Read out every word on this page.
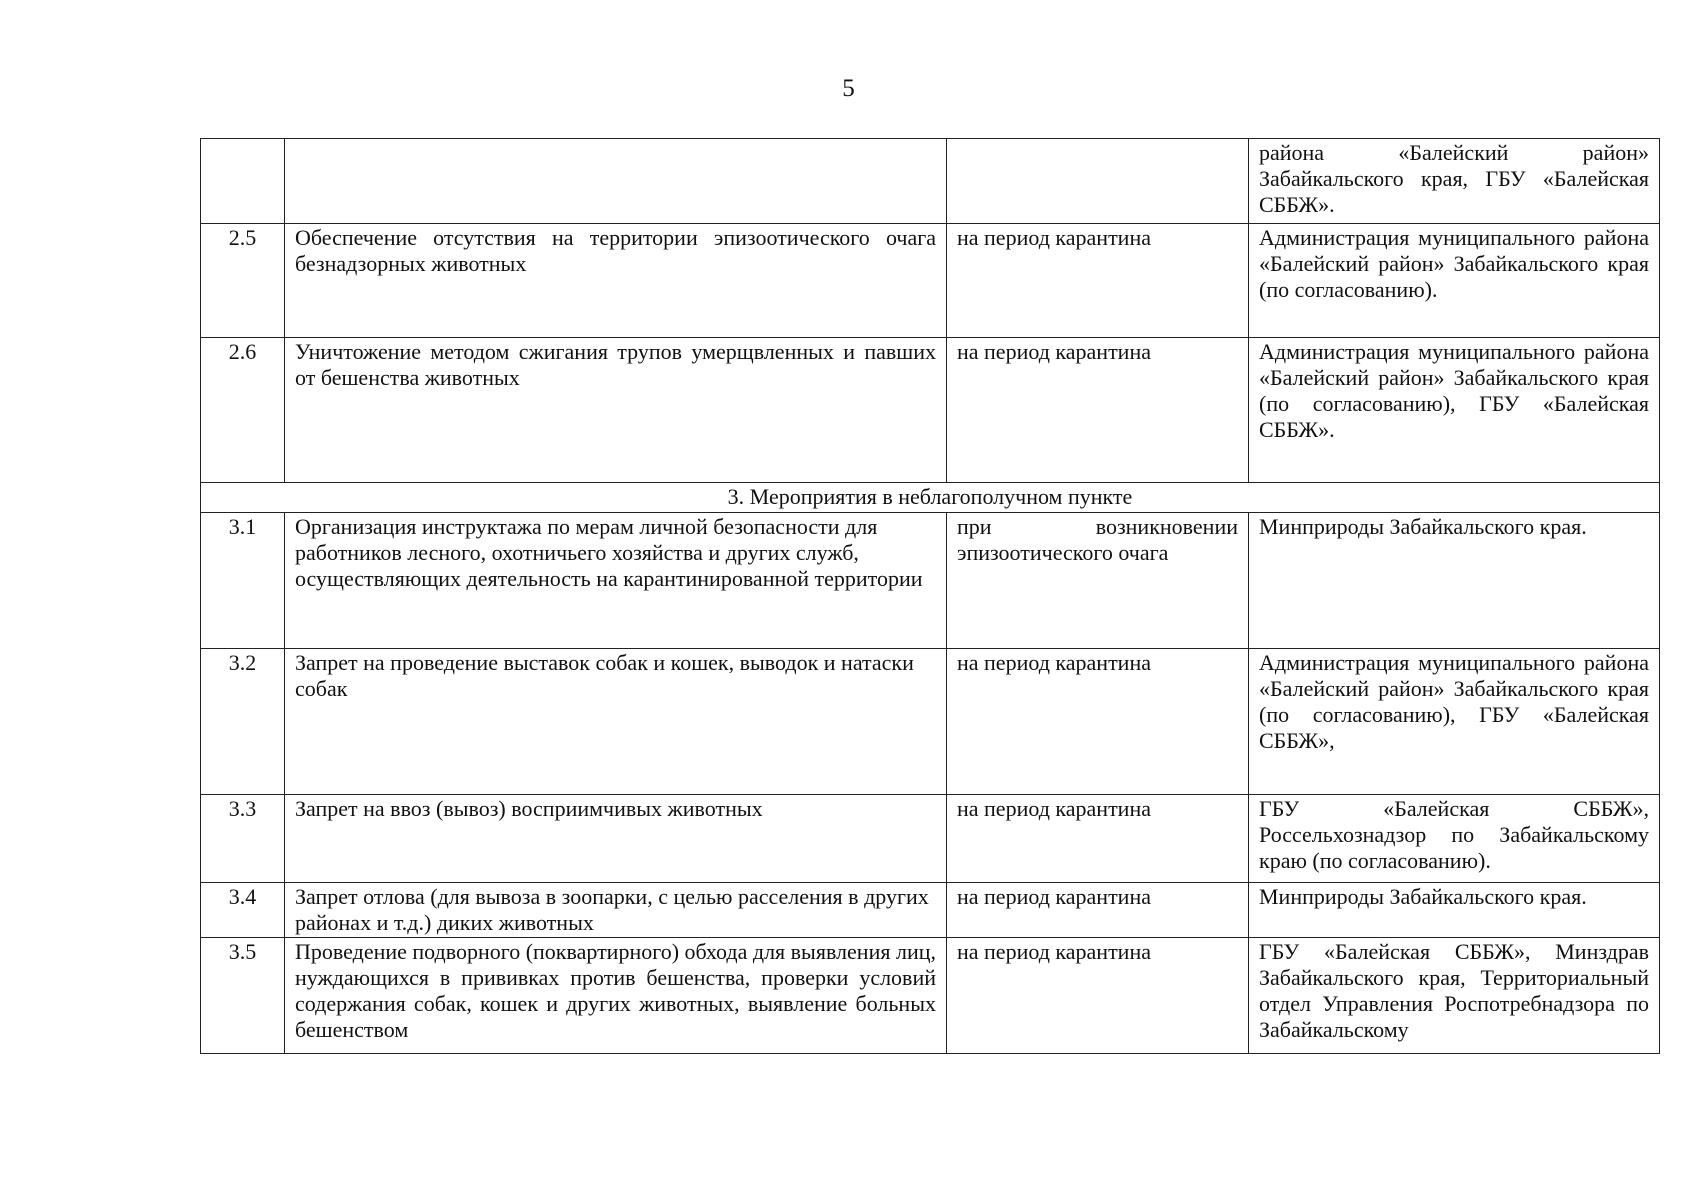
5
			района «Балейский район» Забайкальского края, ГБУ «Балейская СББЖ».
2.5	Обеспечение отсутствия на территории эпизоотического очага безнадзорных животных	на период карантина	Администрация муниципального района «Балейский район» Забайкальского края (по согласованию).
2.6	Уничтожение методом сжигания трупов умерщвленных и павших от бешенства животных	на период карантина	Администрация муниципального района «Балейский район» Забайкальского края (по согласованию), ГБУ «Балейская СББЖ».
3. Мероприятия в неблагополучном пункте			
3.1	Организация инструктажа по мерам личной безопасности для работников лесного, охотничьего хозяйства и других служб, осуществляющих деятельность на карантинированной территории	при возникновении эпизоотического очага	Минприроды Забайкальского края.
3.2	Запрет на проведение выставок собак и кошек, выводок и натаски собак	на период карантина	Администрация муниципального района «Балейский район» Забайкальского края (по согласованию), ГБУ «Балейская СББЖ»,
3.3	Запрет на ввоз (вывоз) восприимчивых животных	на период карантина	ГБУ «Балейская СББЖ», Россельхознадзор по Забайкальскому краю (по согласованию).
3.4	Запрет отлова (для вывоза в зоопарки, с целью расселения в других районах и т.д.) диких животных	на период карантина	Минприроды Забайкальского края.
3.5	Проведение подворного (поквартирного) обхода для выявления лиц, нуждающихся в прививках против бешенства, проверки условий содержания собак, кошек и других животных, выявление больных бешенством	на период карантина	ГБУ «Балейская СББЖ», Минздрав Забайкальского края, Территориальный отдел Управления Роспотребнадзора по Забайкальскому
